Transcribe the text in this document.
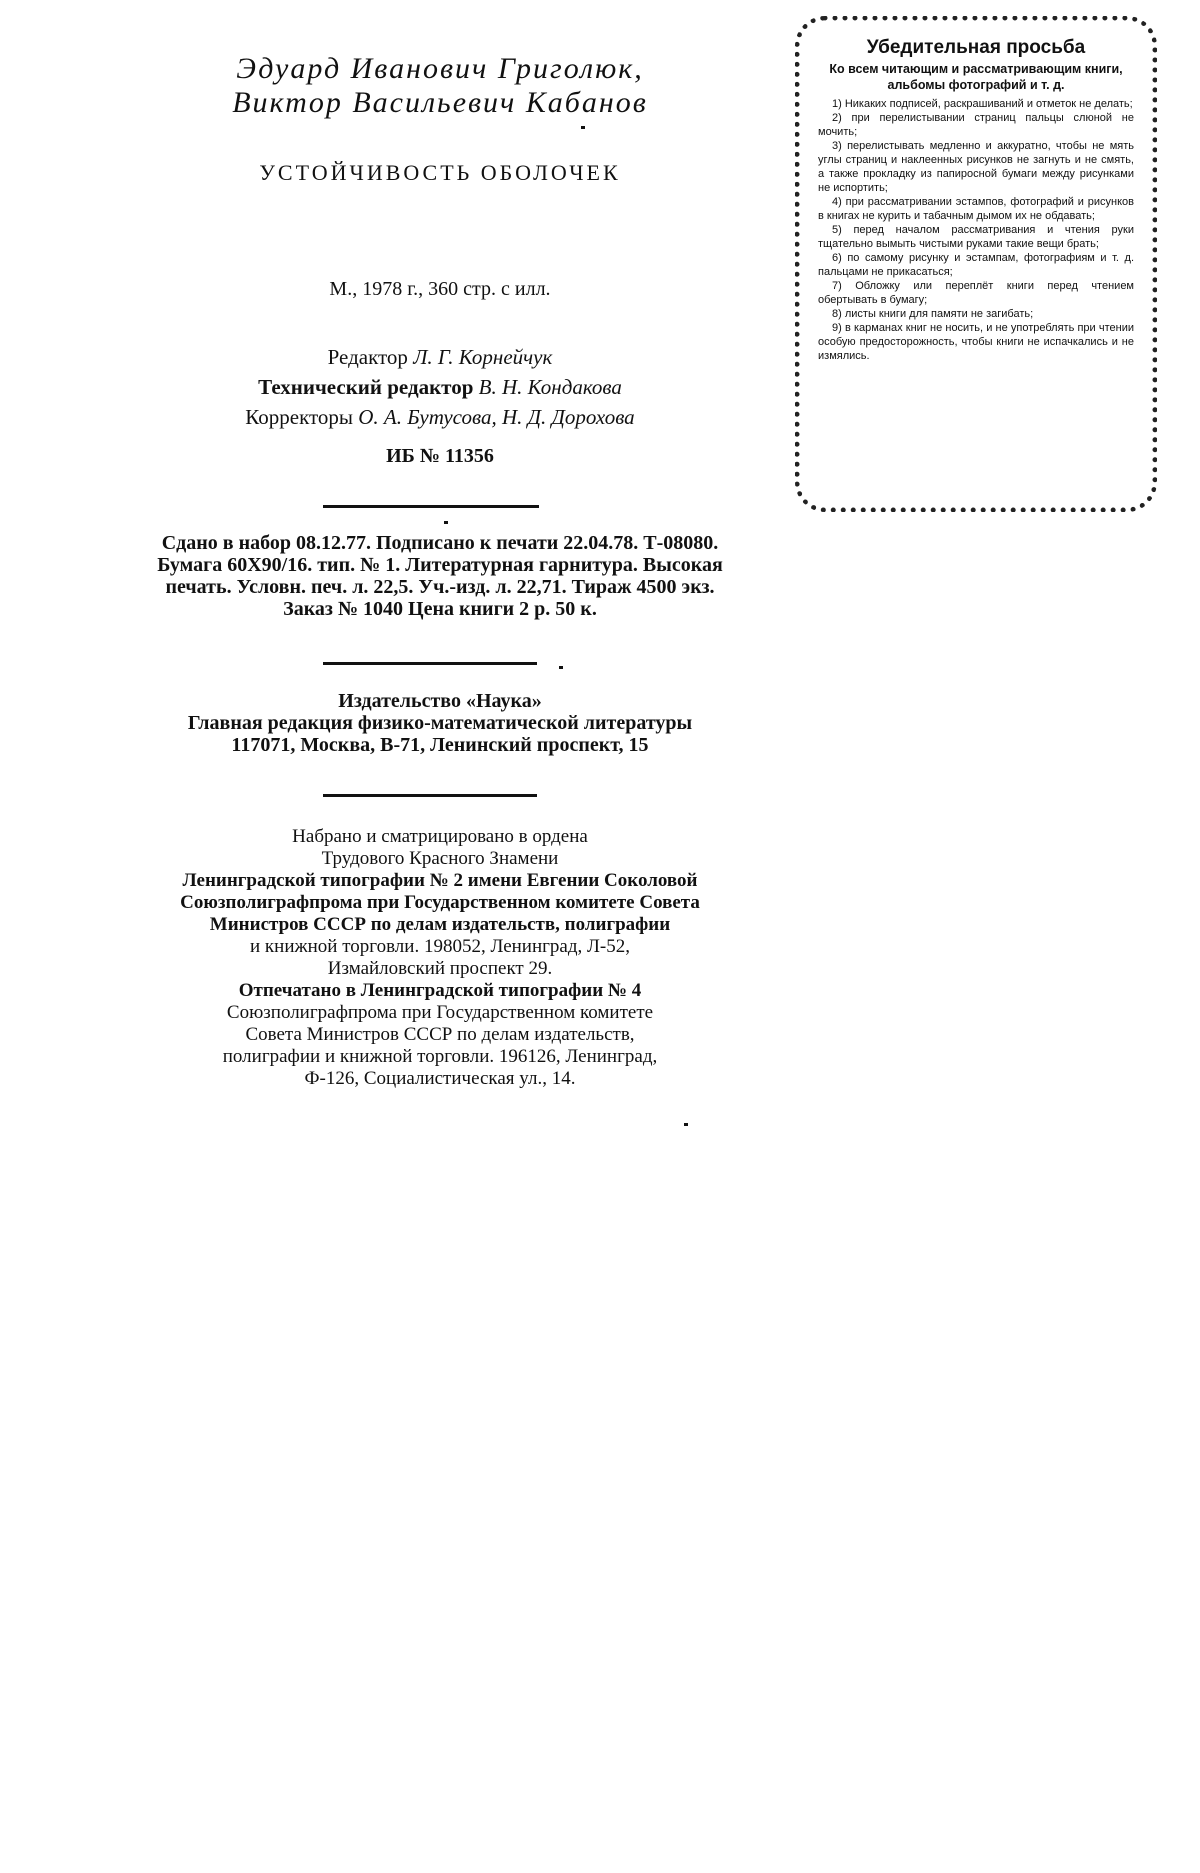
Эдуард Иванович Григолюк,
Виктор Васильевич Кабанов
УСТОЙЧИВОСТЬ ОБОЛОЧЕК
М., 1978 г., 360 стр. с илл.
Редактор Л. Г. Корнейчук
Технический редактор В. Н. Кондакова
Корректоры О. А. Бутусова, Н. Д. Дорохова
ИБ № 11356
Сдано в набор 08.12.77. Подписано к печати 22.04.78. Т-08080.
Бумага 60X90/16. тип. № 1. Литературная гарнитура. Высокая
печать. Условн. печ. л. 22,5. Уч.-изд. л. 22,71. Тираж 4500 экз.
Заказ № 1040 Цена книги 2 р. 50 к.
Издательство «Наука»
Главная редакция физико-математической литературы
117071, Москва, В-71, Ленинский проспект, 15
Набрано и сматрицировано в ордена
Трудового Красного Знамени
Ленинградской типографии № 2 имени Евгении Соколовой
Союзполиграфпрома при Государственном комитете Совета
Министров СССР по делам издательств, полиграфии
и книжной торговли. 198052, Ленинград, Л-52,
Измайловский проспект 29.
Отпечатано в Ленинградской типографии № 4
Союзполиграфпрома при Государственном комитете
Совета Министров СССР по делам издательств,
полиграфии и книжной торговли. 196126, Ленинград,
Ф-126, Социалистическая ул., 14.
Убедительная просьба
Ко всем читающим и рассматривающим книги, альбомы фотографий и т. д.
1) Никаких подписей, раскрашиваний и отметок не делать;
2) при перелистывании страниц пальцы слюной не мочить;
3) перелистывать медленно и аккуратно, чтобы не мять углы страниц и наклеенных рисунков не загнуть и не смять, а также прокладку из папиросной бумаги между рисунками не испортить;
4) при рассматривании эстампов, фотографий и рисунков в книгах не курить и табачным дымом их не обдавать;
5) перед началом рассматривания и чтения руки тщательно вымыть чистыми руками такие вещи брать;
6) по самому рисунку и эстампам, фотографиям и т. д. пальцами не прикасаться;
7) Обложку или переплёт книги перед чтением обертывать в бумагу;
8) листы книги для памяти не загибать;
9) в карманах книг не носить, и не употреблять при чтении особую предосторожность, чтобы книги не испачкались и не измялись.
